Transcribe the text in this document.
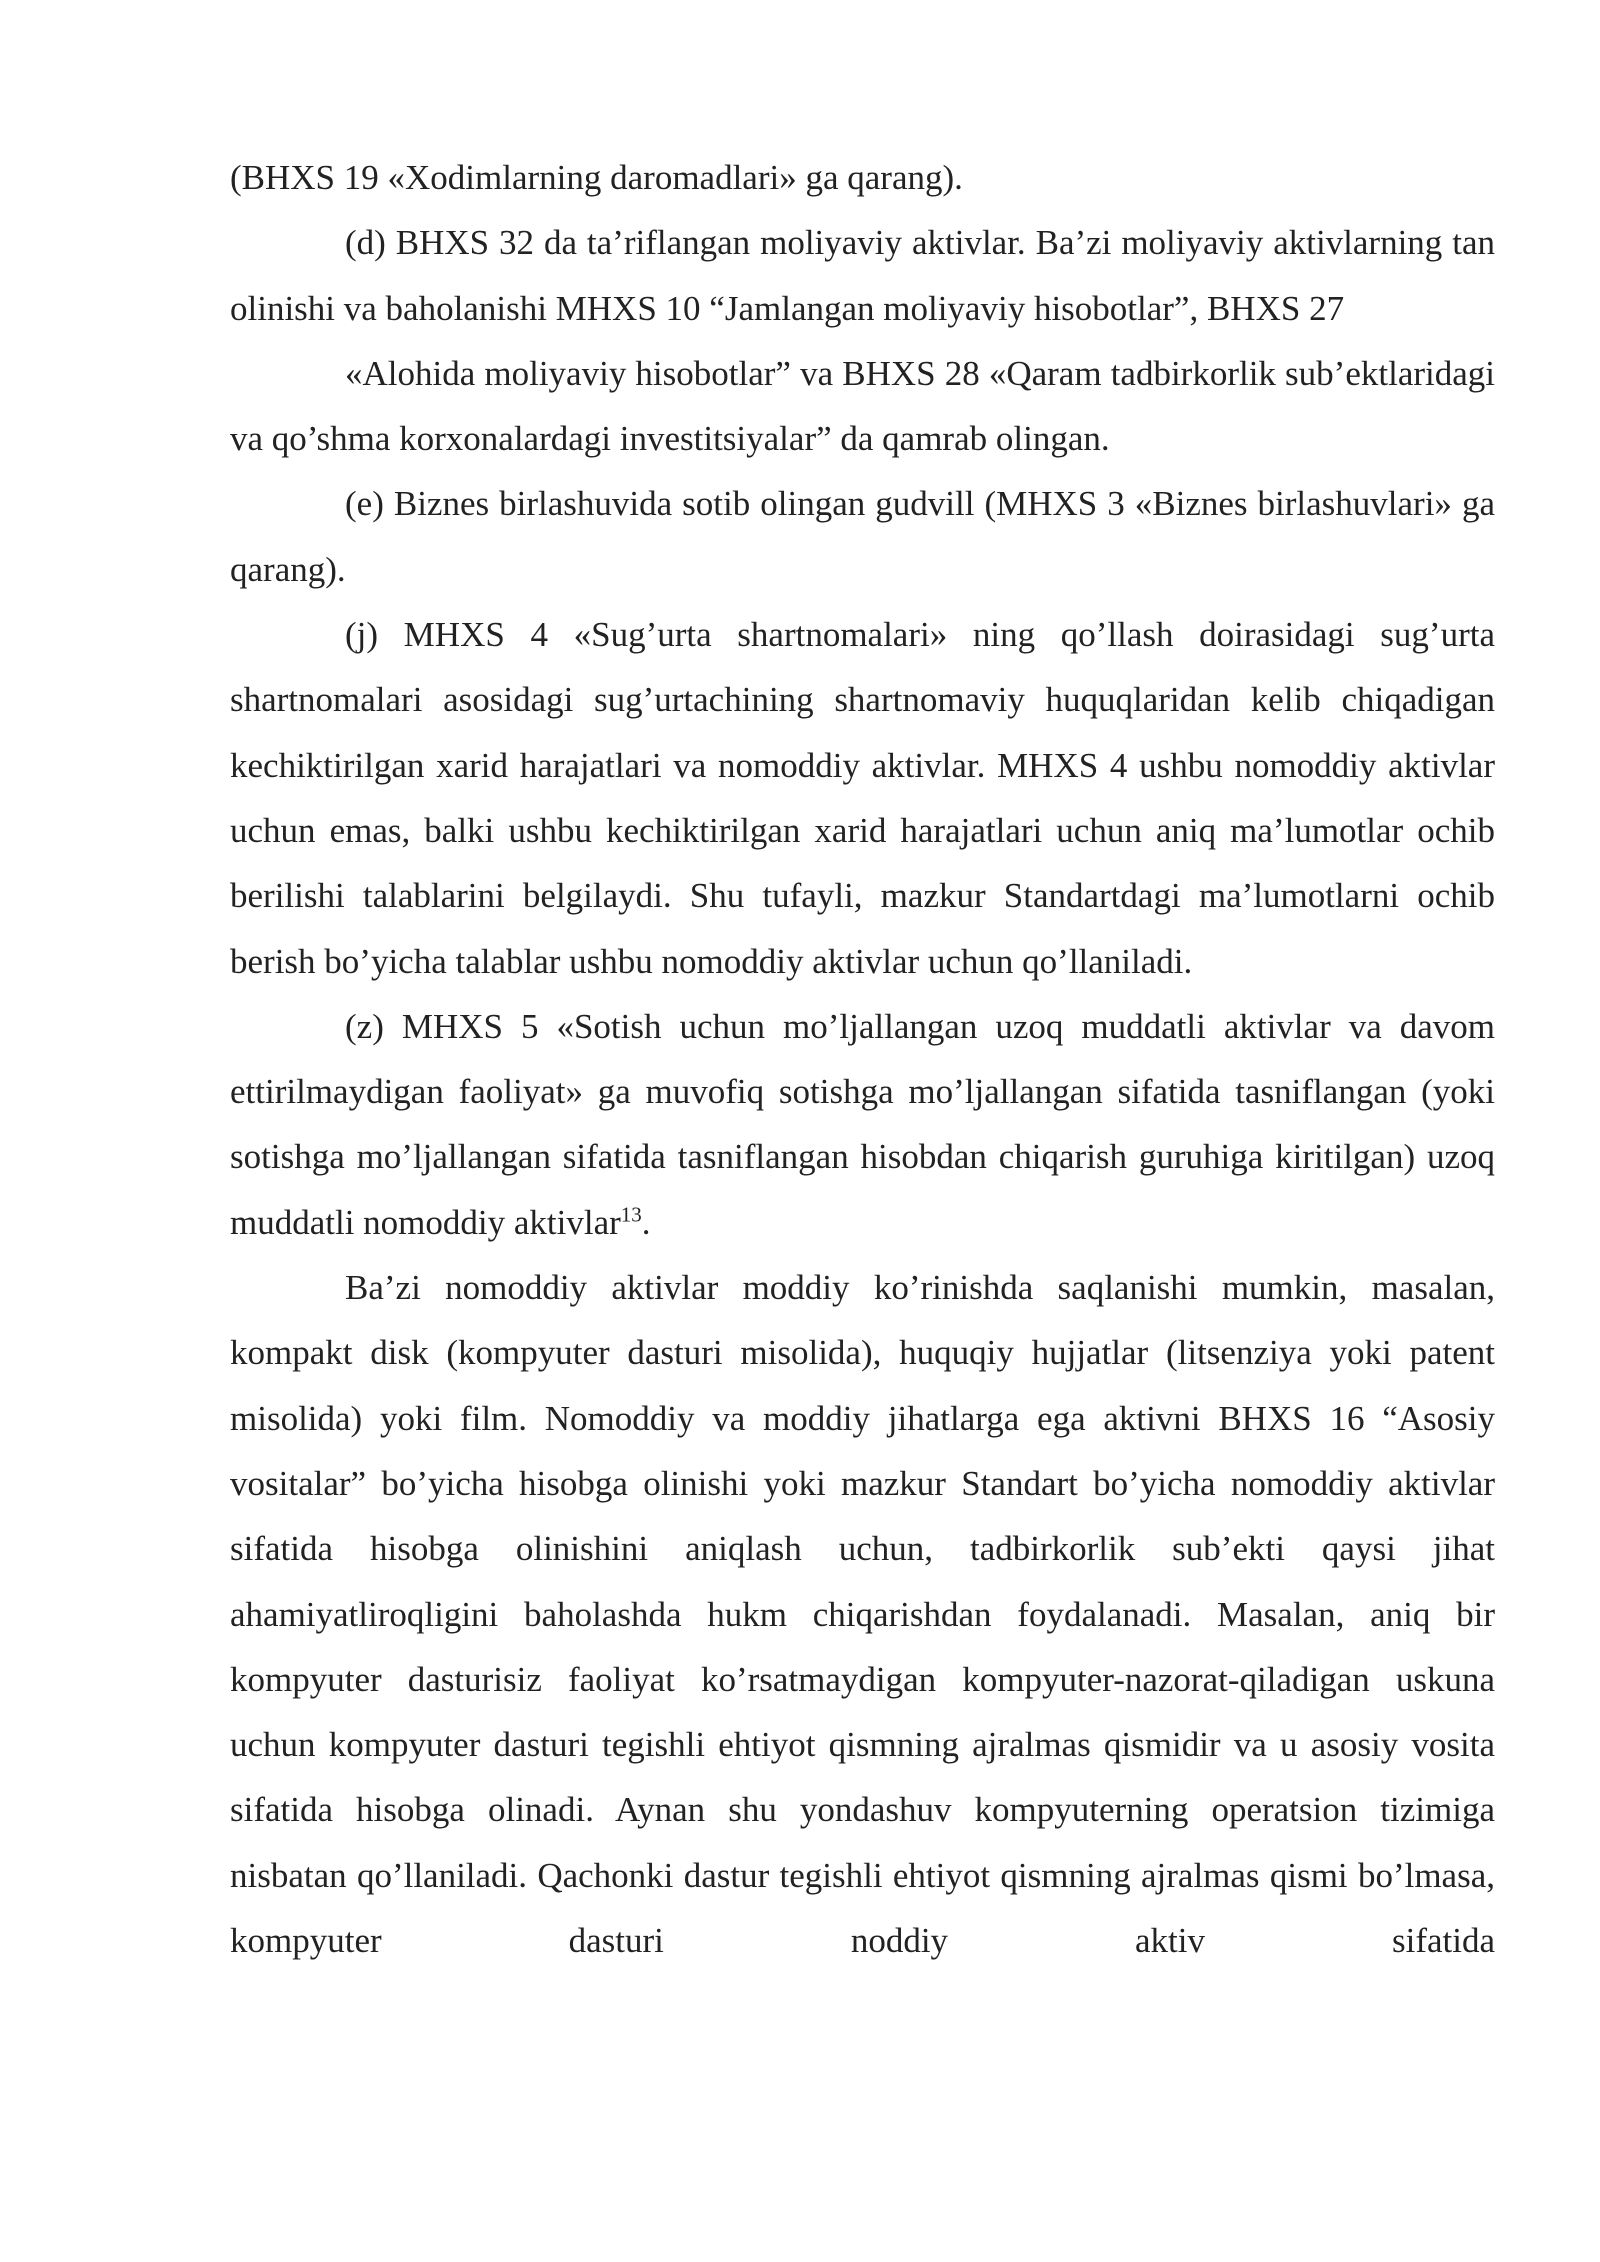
(BHXS 19 «Xodimlarning daromadlari» ga qarang).

(d) BHXS 32 da ta’riflangan moliyaviy aktivlar. Ba’zi moliyaviy aktivlarning tan olinishi va baholanishi MHXS 10 “Jamlangan moliyaviy hisobotlar”, BHXS 27

«Alohida moliyaviy hisobotlar” va BHXS 28 «Qaram tadbirkorlik sub’ektlaridagi va qo’shma korxonalardagi investitsiyalar” da qamrab olingan.

(e) Biznes birlashuvida sotib olingan gudvill (MHXS 3 «Biznes birlashuvlari» ga qarang).

(j) MHXS 4 «Sug’urta shartnomalari» ning qo’llash doirasidagi sug’urta shartnomalari asosidagi sug’urtachining shartnomaviy huquqlaridan kelib chiqadigan kechiktirilgan xarid harajatlari va nomoddiy aktivlar. MHXS 4 ushbu nomoddiy aktivlar uchun emas, balki ushbu kechiktirilgan xarid harajatlari uchun aniq ma’lumotlar ochib berilishi talablarini belgilaydi. Shu tufayli, mazkur Standartdagi ma’lumotlarni ochib berish bo’yicha talablar ushbu nomoddiy aktivlar uchun qo’llaniladi.

(z) MHXS 5 «Sotish uchun mo’ljallangan uzoq muddatli aktivlar va davom ettirilmaydigan faoliyat» ga muvofiq sotishga mo’ljallangan sifatida tasniflangan (yoki sotishga mo’ljallangan sifatida tasniflangan hisobdan chiqarish guruhiga kiritilgan) uzoq muddatli nomoddiy aktivlar$^{13}$.

Ba’zi nomoddiy aktivlar moddiy ko’rinishda saqlanishi mumkin, masalan, kompakt disk (kompyuter dasturi misolida), huquqiy hujjatlar (litsenziya yoki patent misolida) yoki film. Nomoddiy va moddiy jihatlarga ega aktivni BHXS 16 “Asosiy vositalar” bo’yicha hisobga olinishi yoki mazkur Standart bo’yicha nomoddiy aktivlar sifatida hisobga olinishini aniqlash uchun, tadbirkorlik sub’ekti qaysi jihat ahamiyatliroqligini baholashda hukm chiqarishdan foydalanadi. Masalan, aniq bir kompyuter dasturisiz faoliyat ko’rsatmaydigan kompyuter-nazorat-qiladigan uskuna uchun kompyuter dasturi tegishli ehtiyot qismning ajralmas qismidir va u asosiy vosita sifatida hisobga olinadi. Aynan shu yondashuv kompyuterning operatsion tizimiga nisbatan qo’llaniladi. Qachonki dastur tegishli ehtiyot qismning ajralmas qismi bo’lmasa, kompyuter dasturi noddiy aktiv sifatida
